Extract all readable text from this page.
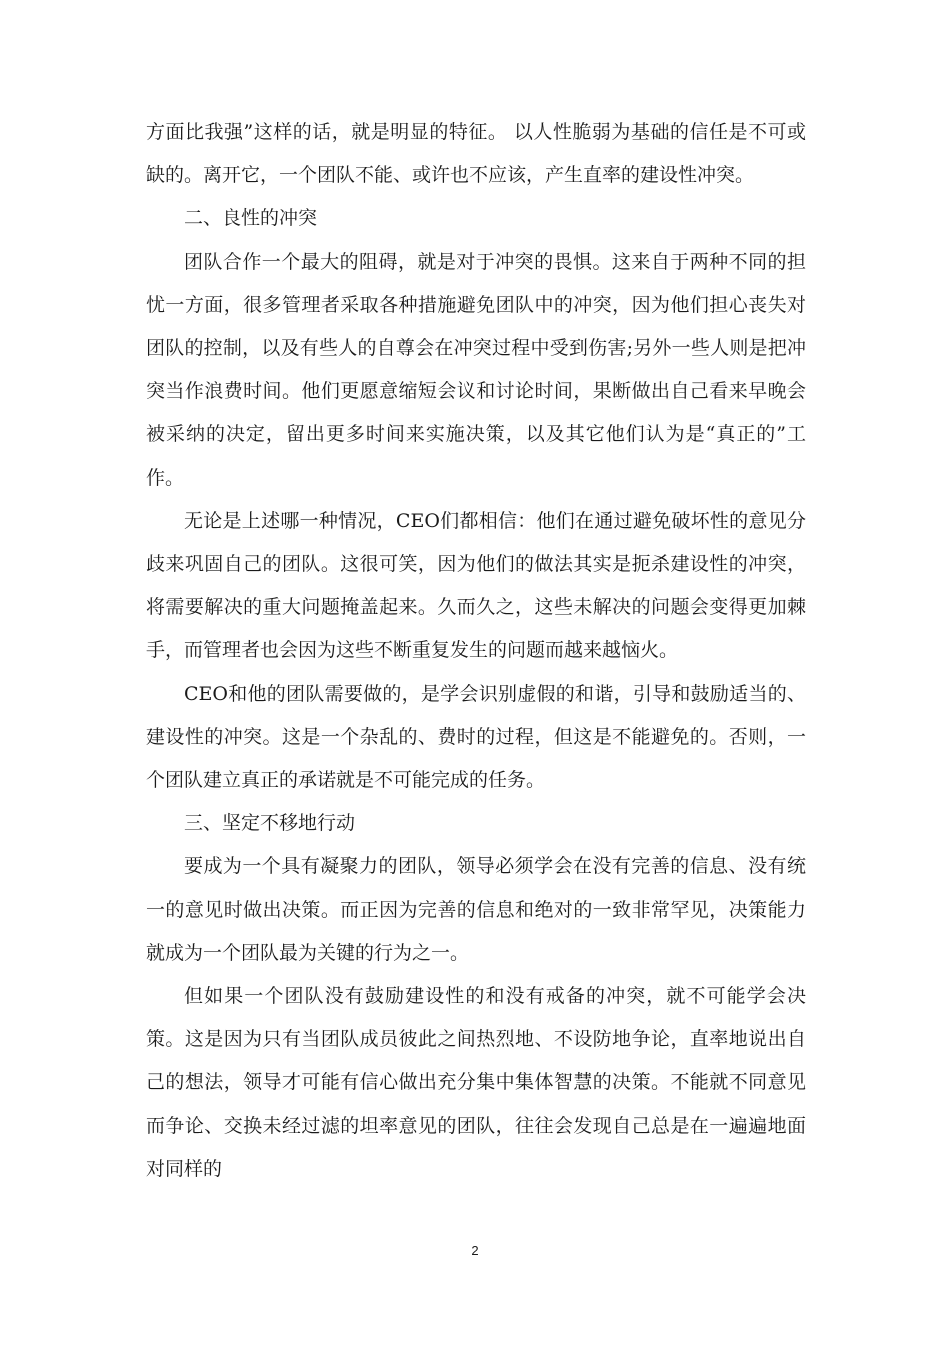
方面比我强”这样的话，就是明显的特征。 以人性脆弱为基础的信任是不可或缺的。离开它，一个团队不能、或许也不应该，产生直率的建设性冲突。

二、良性的冲突

团队合作一个最大的阻碍，就是对于冲突的畏惧。这来自于两种不同的担忧一方面，很多管理者采取各种措施避免团队中的冲突，因为他们担心丧失对团队的控制，以及有些人的自尊会在冲突过程中受到伤害;另外一些人则是把冲突当作浪费时间。他们更愿意缩短会议和讨论时间，果断做出自己看来早晚会被采纳的决定，留出更多时间来实施决策，以及其它他们认为是“真正的”工作。

无论是上述哪一种情况，CEO们都相信：他们在通过避免破坏性的意见分歧来巩固自己的团队。这很可笑，因为他们的做法其实是扼杀建设性的冲突，将需要解决的重大问题掩盖起来。久而久之，这些未解决的问题会变得更加棘手，而管理者也会因为这些不断重复发生的问题而越来越恼火。

CEO和他的团队需要做的，是学会识别虚假的和谐，引导和鼓励适当的、建设性的冲突。这是一个杂乱的、费时的过程，但这是不能避免的。否则，一个团队建立真正的承诺就是不可能完成的任务。

三、坚定不移地行动

要成为一个具有凝聚力的团队，领导必须学会在没有完善的信息、没有统一的意见时做出决策。而正因为完善的信息和绝对的一致非常罕见，决策能力就成为一个团队最为关键的行为之一。

但如果一个团队没有鼓励建设性的和没有戒备的冲突，就不可能学会决策。这是因为只有当团队成员彼此之间热烈地、不设防地争论，直率地说出自己的想法，领导才可能有信心做出充分集中集体智慧的决策。不能就不同意见而争论、交换未经过滤的坦率意见的团队，往往会发现自己总是在一遍遍地面对同样的

2
